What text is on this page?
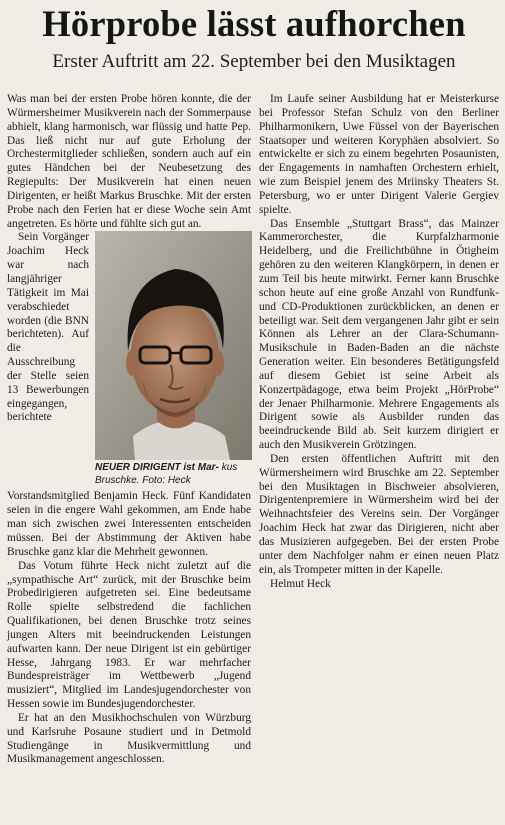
Hörprobe lässt aufhorchen
Erster Auftritt am 22. September bei den Musiktagen

Was man bei der ersten Probe hören konnte, die der Würmersheimer Musikverein nach der Sommerpause abhielt, klang harmonisch, war flüssig und hatte Pep. Das ließ nicht nur auf gute Erholung der Orchestermitglieder schließen, sondern auch auf ein gutes Händchen bei der Neubesetzung des Regiepults: Der Musikverein hat einen neuen Dirigenten, er heißt Markus Bruschke. Mit der ersten Probe nach den Ferien hat er diese Woche sein Amt angetreten. Es hörte und fühlte sich gut an.

NEUER DIRIGENT ist Mar- kus Bruschke. Foto: Heck

Sein Vorgänger Joachim Heck war nach langjähriger Tätigkeit im Mai verabschiedet worden (die BNN berichteten). Auf die Ausschreibung der Stelle seien 13 Bewerbungen eingegangen, berichtete Vorstandsmitglied Benjamin Heck. Fünf Kandidaten seien in die engere Wahl gekommen, am Ende habe man sich zwischen zwei Interessenten entscheiden müssen. Bei der Abstimmung der Aktiven habe Bruschke ganz klar die Mehrheit gewonnen.

Das Votum führte Heck nicht zuletzt auf die „sympathische Art“ zurück, mit der Bruschke beim Probedirigieren aufgetreten sei. Eine bedeutsame Rolle spielte selbstredend die fachlichen Qualifikationen, bei denen Bruschke trotz seines jungen Alters mit beeindruckenden Leistungen aufwarten kann. Der neue Dirigent ist ein gebürtiger Hesse, Jahrgang 1983. Er war mehrfacher Bundespreisträger im Wettbewerb „Jugend musiziert“, Mitglied im Landesjugendorchester von Hessen sowie im Bundesjugendorchester.

Er hat an den Musikhochschulen von Würzburg und Karlsruhe Posaune studiert und in Detmold Studiengänge in Musikvermittlung und Musikmanagement angeschlossen.

Im Laufe seiner Ausbildung hat er Meisterkurse bei Professor Stefan Schulz von den Berliner Philharmonikern, Uwe Füssel von der Bayerischen Staatsoper und weiteren Koryphäen absolviert. So entwickelte er sich zu einem begehrten Posaunisten, der Engagements in namhaften Orchestern erhielt, wie zum Beispiel jenem des Mriinsky Theaters St. Petersburg, wo er unter Dirigent Valerie Gergiev spielte.

Das Ensemble „Stuttgart Brass“, das Mainzer Kammerorchester, die Kurpfalzharmonie Heidelberg, und die Freilichtbühne in Ötigheim gehören zu den weiteren Klangkörpern, in denen er zum Teil bis heute mitwirkt. Ferner kann Bruschke schon heute auf eine große Anzahl von Rundfunk- und CD-Produktionen zurückblicken, an denen er beteiligt war. Seit dem vergangenen Jahr gibt er sein Können als Lehrer an der Clara-Schumann-Musikschule in Baden-Baden an die nächste Generation weiter. Ein besonderes Betätigungsfeld auf diesem Gebiet ist seine Arbeit als Konzertpädagoge, etwa beim Projekt „HörProbe“ der Jenaer Philharmonie. Mehrere Engagements als Dirigent sowie als Ausbilder runden das beeindruckende Bild ab. Seit kurzem dirigiert er auch den Musikverein Grötzingen.

Den ersten öffentlichen Auftritt mit den Würmersheimern wird Bruschke am 22. September bei den Musiktagen in Bischweier absolvieren, Dirigentenpremiere in Würmersheim wird bei der Weihnachtsfeier des Vereins sein. Der Vorgänger Joachim Heck hat zwar das Dirigieren, nicht aber das Musizieren aufgegeben. Bei der ersten Probe unter dem Nachfolger nahm er einen neuen Platz ein, als Trompeter mitten in der Kapelle.

Helmut Heck
